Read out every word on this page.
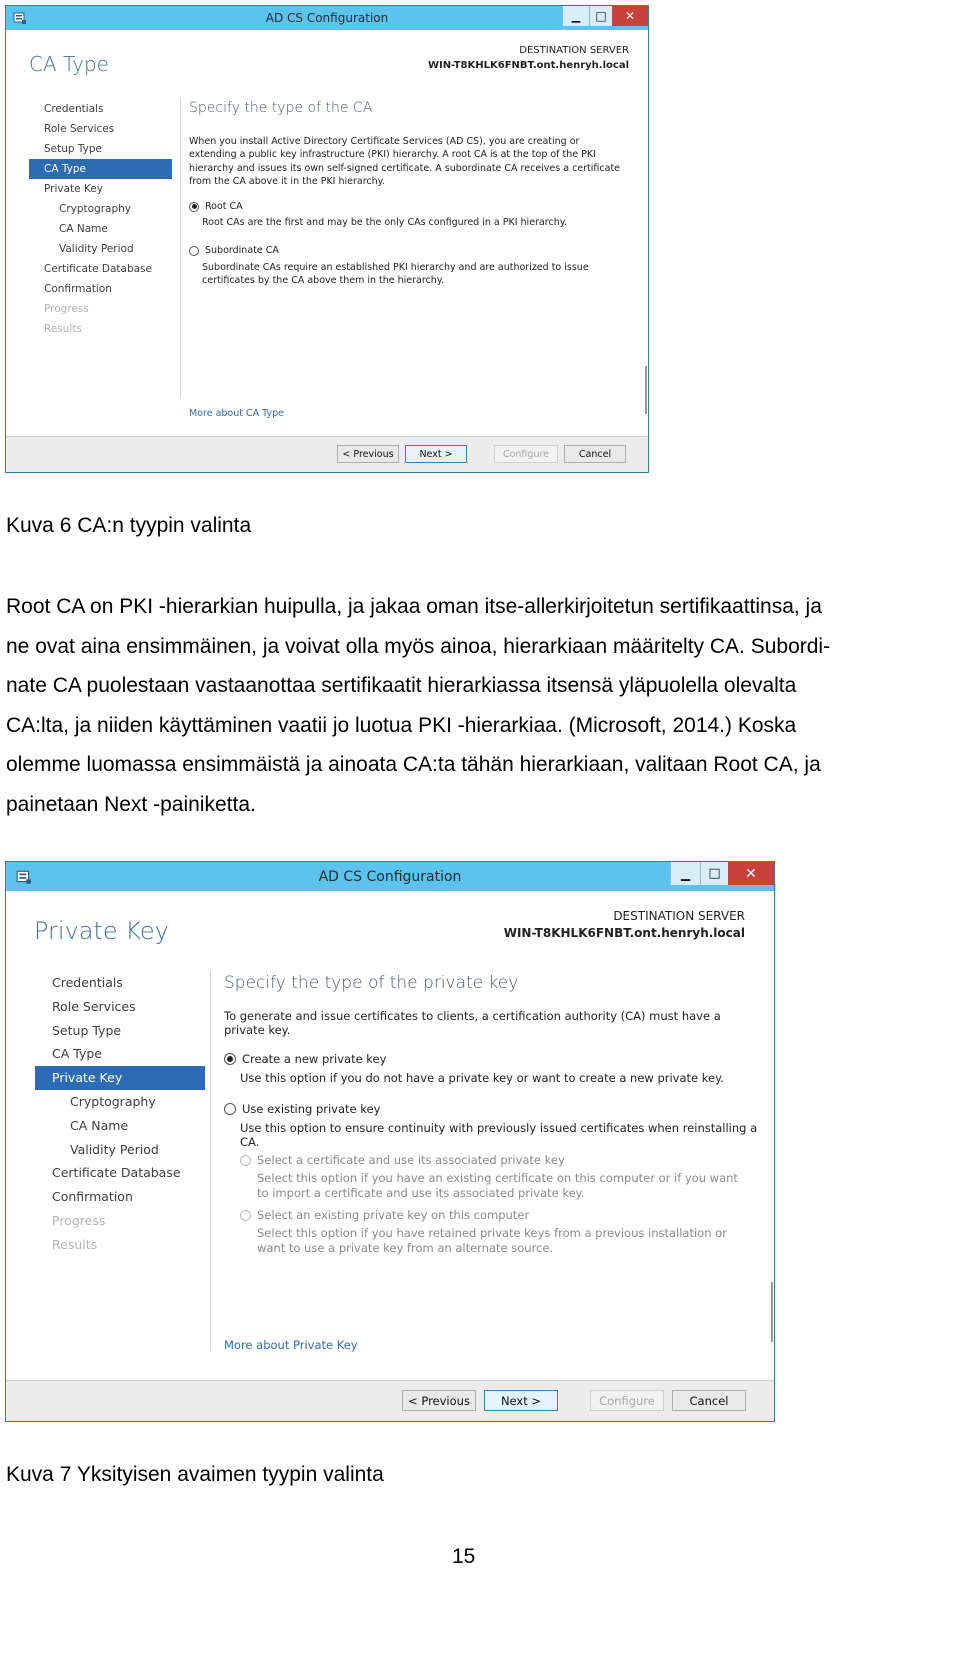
AD CS Configuration	▁ □ ✕
CA Type
DESTINATION SERVER
WIN-T8KHLK6FNBT.ont.henryh.local
Credentials
Role Services
Setup Type
CA Type
Private Key
Cryptography
CA Name
Validity Period
Certificate Database
Confirmation
Progress
Results
Specify the type of the CA
When you install Active Directory Certificate Services (AD CS), you are creating or extending a public key infrastructure (PKI) hierarchy. A root CA is at the top of the PKI hierarchy and issues its own self-signed certificate. A subordinate CA receives a certificate from the CA above it in the PKI hierarchy.
Root CA
Root CAs are the first and may be the only CAs configured in a PKI hierarchy.
Subordinate CA
Subordinate CAs require an established PKI hierarchy and are authorized to issue certificates by the CA above them in the hierarchy.
More about CA Type
< Previous	Next >	Configure	Cancel
Kuva 6 CA:n tyypin valinta
Root CA on PKI -hierarkian huipulla, ja jakaa oman itse-allerkirjoitetun sertifikaattinsa, ja
ne ovat aina ensimmäinen, ja voivat olla myös ainoa, hierarkiaan määritelty CA. Subordi-
nate CA puolestaan vastaanottaa sertifikaatit hierarkiassa itsensä yläpuolella olevalta
CA:lta, ja niiden käyttäminen vaatii jo luotua PKI -hierarkiaa. (Microsoft, 2014.) Koska
olemme luomassa ensimmäistä ja ainoata CA:ta tähän hierarkiaan, valitaan Root CA, ja
painetaan Next -painiketta.
AD CS Configuration	▁ □ ✕
Private Key
DESTINATION SERVER
WIN-T8KHLK6FNBT.ont.henryh.local
Credentials
Role Services
Setup Type
CA Type
Private Key
Cryptography
CA Name
Validity Period
Certificate Database
Confirmation
Progress
Results
Specify the type of the private key
To generate and issue certificates to clients, a certification authority (CA) must have a private key.
Create a new private key
Use this option if you do not have a private key or want to create a new private key.
Use existing private key
Use this option to ensure continuity with previously issued certificates when reinstalling a CA.
Select a certificate and use its associated private key
Select this option if you have an existing certificate on this computer or if you want to import a certificate and use its associated private key.
Select an existing private key on this computer
Select this option if you have retained private keys from a previous installation or want to use a private key from an alternate source.
More about Private Key
< Previous	Next >	Configure	Cancel
Kuva 7 Yksityisen avaimen tyypin valinta
15
